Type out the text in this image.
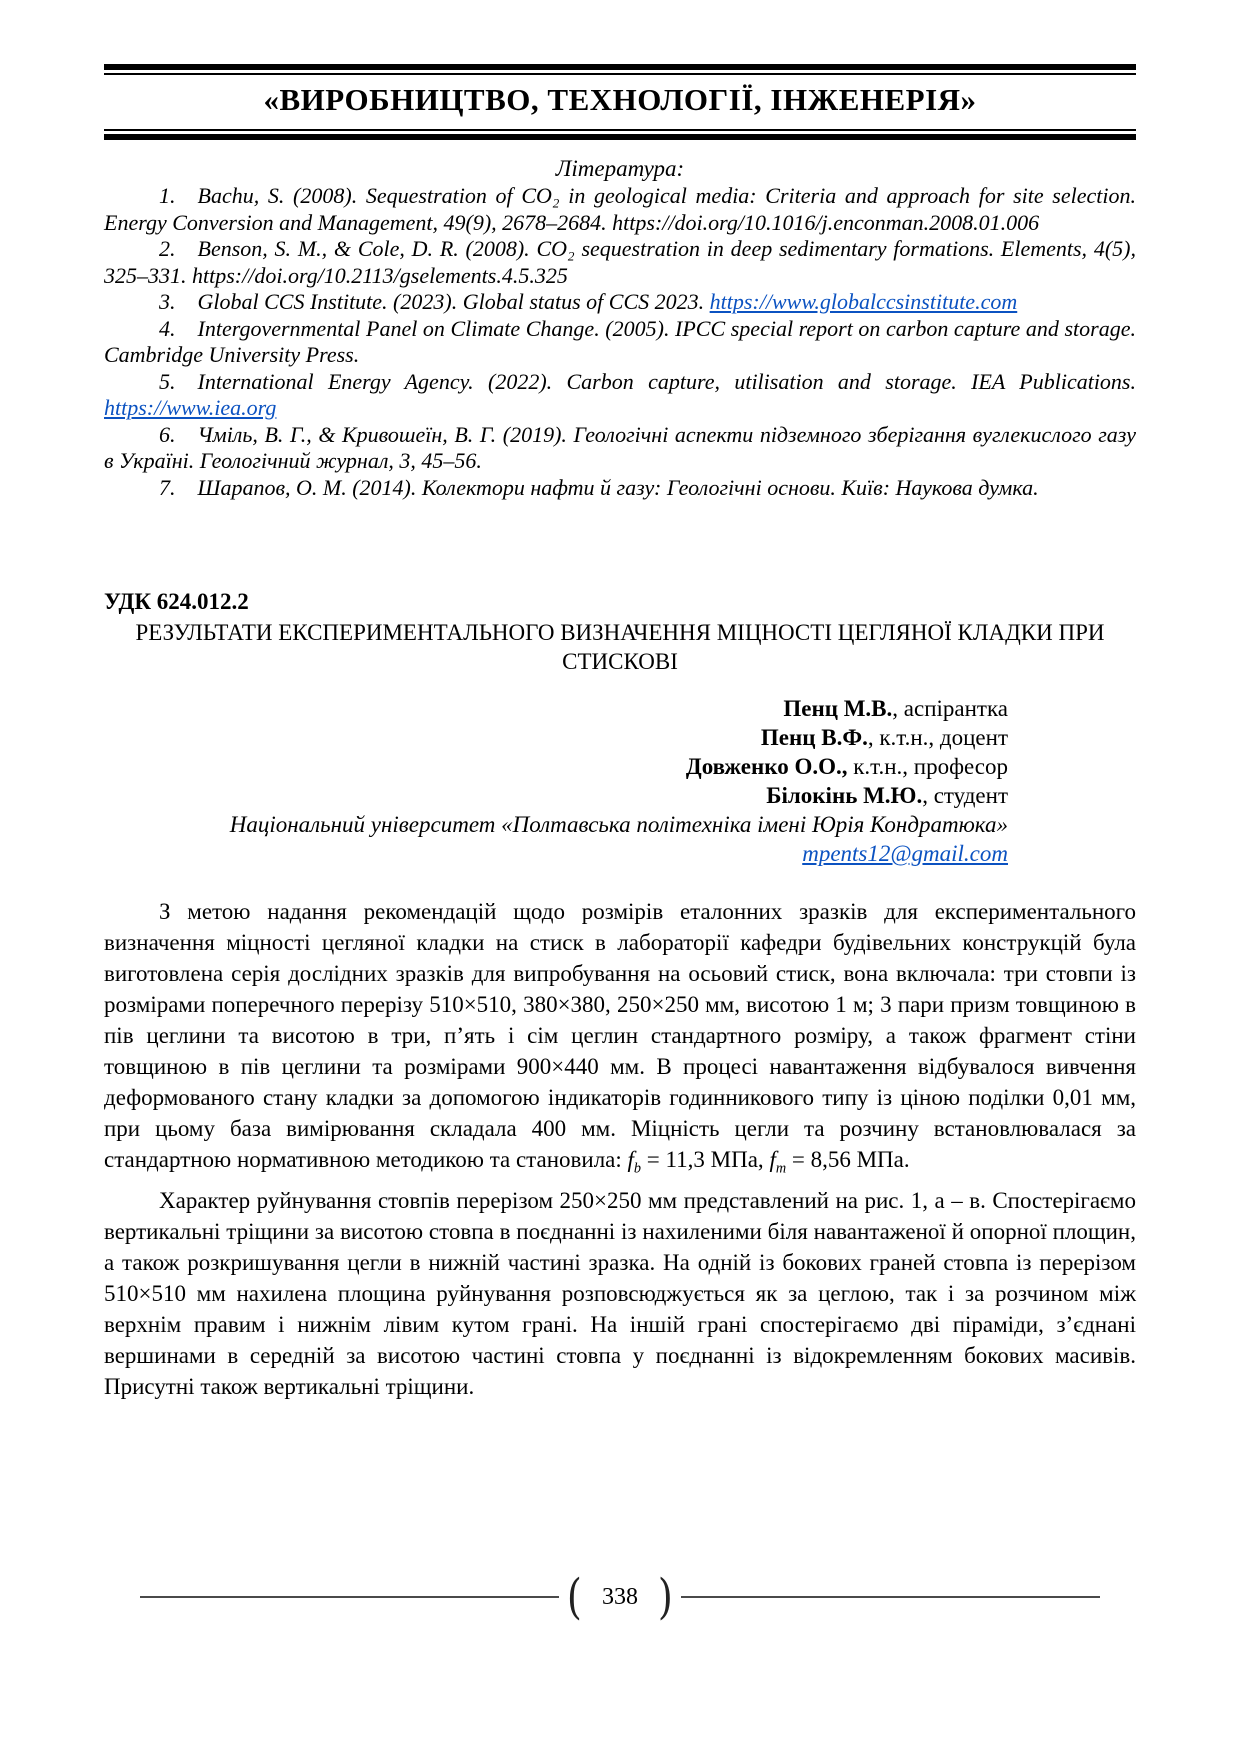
«ВИРОБНИЦТВО, ТЕХНОЛОГІЇ, ІНЖЕНЕРІЯ»

Література:

1. Bachu, S. (2008). Sequestration of CO₂ in geological media: Criteria and approach for site selection. Energy Conversion and Management, 49(9), 2678–2684. https://doi.org/10.1016/j.enconman.2008.01.006

2. Benson, S. M., & Cole, D. R. (2008). CO₂ sequestration in deep sedimentary formations. Elements, 4(5), 325–331. https://doi.org/10.2113/gselements.4.5.325

3. Global CCS Institute. (2023). Global status of CCS 2023. https://www.globalccsinstitute.com

4. Intergovernmental Panel on Climate Change. (2005). IPCC special report on carbon capture and storage. Cambridge University Press.

5. International Energy Agency. (2022). Carbon capture, utilisation and storage. IEA Publications. https://www.iea.org

6. Чміль, В. Г., & Кривошеїн, В. Г. (2019). Геологічні аспекти підземного зберігання вуглекислого газу в Україні. Геологічний журнал, 3, 45–56.

7. Шарапов, О. М. (2014). Колектори нафти й газу: Геологічні основи. Київ: Наукова думка.

УДК 624.012.2

РЕЗУЛЬТАТИ ЕКСПЕРИМЕНТАЛЬНОГО ВИЗНАЧЕННЯ МІЦНОСТІ ЦЕГЛЯНОЇ КЛАДКИ ПРИ СТИСКОВІ

Пенц М.В., аспірантка

Пенц В.Ф., к.т.н., доцент

Довженко О.О., к.т.н., професор

Білокінь М.Ю., студент

Національний університет «Полтавська політехніка імені Юрія Кондратюка»

mpents12@gmail.com

З метою надання рекомендацій щодо розмірів еталонних зразків для експериментального визначення міцності цегляної кладки на стиск в лабораторії кафедри будівельних конструкцій була виготовлена серія дослідних зразків для випробування на осьовий стиск, вона включала: три стовпи із розмірами поперечного перерізу 510×510, 380×380, 250×250 мм, висотою 1 м; 3 пари призм товщиною в пів цеглини та висотою в три, п’ять і сім цеглин стандартного розміру, а також фрагмент стіни товщиною в пів цеглини та розмірами 900×440 мм. В процесі навантаження відбувалося вивчення деформованого стану кладки за допомогою індикаторів годинникового типу із ціною поділки 0,01 мм, при цьому база вимірювання складала 400 мм. Міцність цегли та розчину встановлювалася за стандартною нормативною методикою та становила: $f_b = 11,3$ МПа, $f_m = 8,56$ МПа.

Характер руйнування стовпів перерізом 250×250 мм представлений на рис. 1, а – в. Спостерігаємо вертикальні тріщини за висотою стовпа в поєднанні із нахиленими біля навантаженої й опорної площин, а також розкришування цегли в нижній частині зразка. На одній із бокових граней стовпа із перерізом 510×510 мм нахилена площина руйнування розповсюджується як за цеглою, так і за розчином між верхнім правим і нижнім лівим кутом грані. На іншій грані спостерігаємо дві піраміди, з’єднані вершинами в середній за висотою частині стовпа у поєднанні із відокремленням бокових масивів. Присутні також вертикальні тріщини.

( 338 )
